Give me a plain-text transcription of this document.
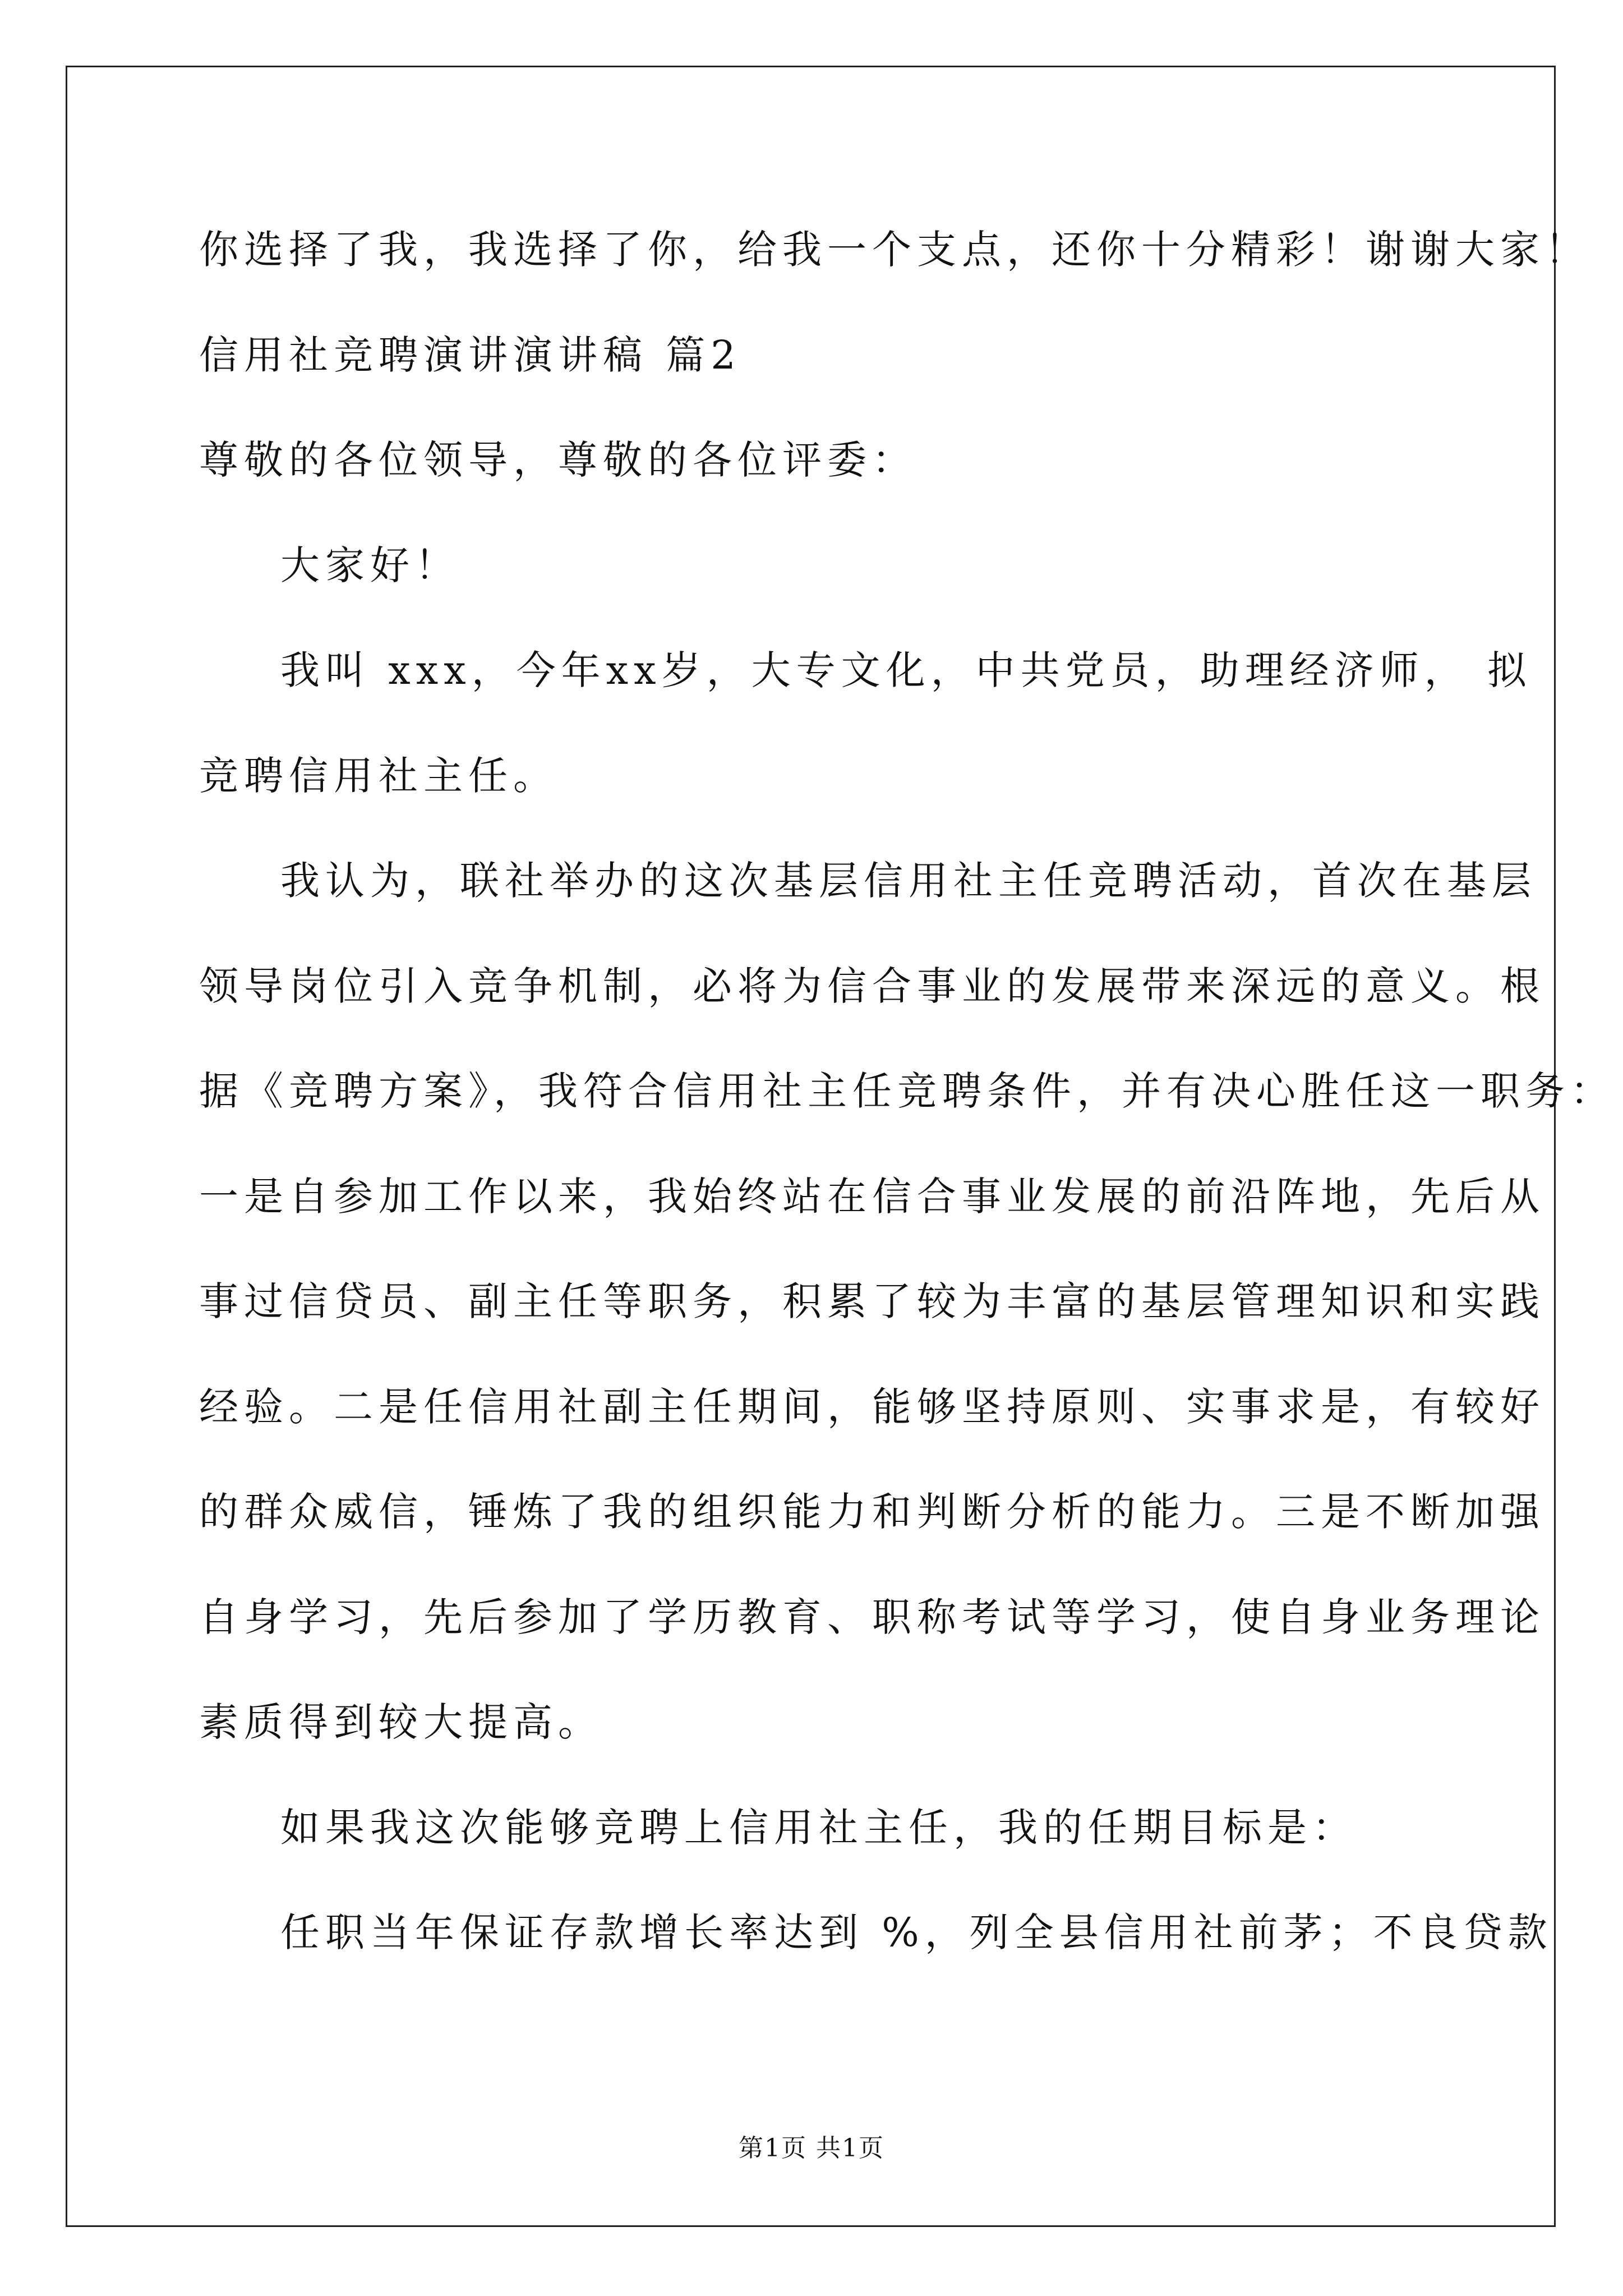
你选择了我，我选择了你，给我一个支点，还你十分精彩！谢谢大家！
信用社竞聘演讲演讲稿 篇2
尊敬的各位领导，尊敬的各位评委：
大家好！
我叫 xxx，今年xx岁，大专文化，中共党员，助理经济师， 拟
竞聘信用社主任。
我认为，联社举办的这次基层信用社主任竞聘活动，首次在基层
领导岗位引入竞争机制，必将为信合事业的发展带来深远的意义。根
据《竞聘方案》，我符合信用社主任竞聘条件，并有决心胜任这一职务：
一是自参加工作以来，我始终站在信合事业发展的前沿阵地，先后从
事过信贷员、副主任等职务，积累了较为丰富的基层管理知识和实践
经验。二是任信用社副主任期间，能够坚持原则、实事求是，有较好
的群众威信，锤炼了我的组织能力和判断分析的能力。三是不断加强
自身学习，先后参加了学历教育、职称考试等学习，使自身业务理论
素质得到较大提高。
如果我这次能够竞聘上信用社主任，我的任期目标是：
任职当年保证存款增长率达到 %，列全县信用社前茅；不良贷款
第1页 共1页
